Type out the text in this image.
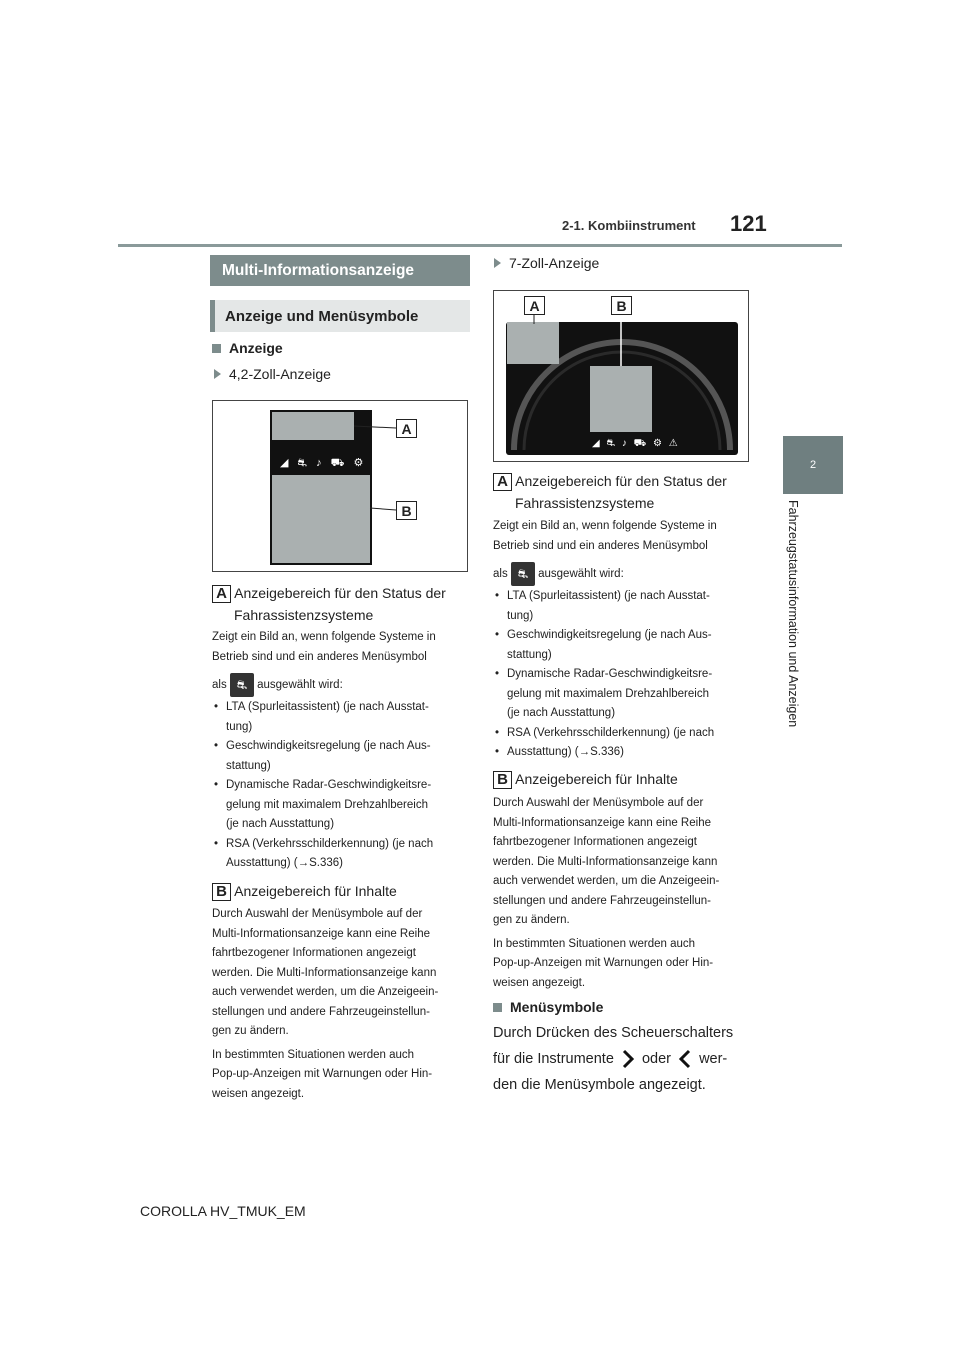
2-1. Kombiinstrument 121
2
Fahrzeugstatusinformation und Anzeigen
Multi-Informationsanzeige
Anzeige und Menüsymbole
Anzeige
4,2-Zoll-Anzeige
◢ ⛐ ♪ ⛟ ⚙ ⚠
A
B
A Anzeigebereich für den Status der
Fahrassistenzsysteme
Zeigt ein Bild an, wenn folgende Systeme in
Betrieb sind und ein anderes Menüsymbol
als ⛐ ausgewählt wird:
• LTA (Spurleitassistent) (je nach Ausstat-
tung)
• Geschwindigkeitsregelung (je nach Aus-
stattung)
• Dynamische Radar-Geschwindigkeitsre-
gelung mit maximalem Drehzahlbereich
(je nach Ausstattung)
• RSA (Verkehrsschilderkennung) (je nach
Ausstattung) (→S.336)
B Anzeigebereich für Inhalte
Durch Auswahl der Menüsymbole auf der
Multi-Informationsanzeige kann eine Reihe
fahrtbezogener Informationen angezeigt
werden. Die Multi-Informationsanzeige kann
auch verwendet werden, um die Anzeigeein-
stellungen und andere Fahrzeugeinstellun-
gen zu ändern.
In bestimmten Situationen werden auch
Pop-up-Anzeigen mit Warnungen oder Hin-
weisen angezeigt.
7-Zoll-Anzeige
◢ ⛐ ♪ ⛟ ⚙ ⚠
A	B
A Anzeigebereich für den Status der
Fahrassistenzsysteme
Zeigt ein Bild an, wenn folgende Systeme in
Betrieb sind und ein anderes Menüsymbol
als ⛐ ausgewählt wird:
• LTA (Spurleitassistent) (je nach Ausstat-
tung)
• Geschwindigkeitsregelung (je nach Aus-
stattung)
• Dynamische Radar-Geschwindigkeitsre-
gelung mit maximalem Drehzahlbereich
(je nach Ausstattung)
• RSA (Verkehrsschilderkennung) (je nach
• Ausstattung) (→S.336)
B Anzeigebereich für Inhalte
Durch Auswahl der Menüsymbole auf der
Multi-Informationsanzeige kann eine Reihe
fahrtbezogener Informationen angezeigt
werden. Die Multi-Informationsanzeige kann
auch verwendet werden, um die Anzeigeein-
stellungen und andere Fahrzeugeinstellun-
gen zu ändern.
In bestimmten Situationen werden auch
Pop-up-Anzeigen mit Warnungen oder Hin-
weisen angezeigt.
Menüsymbole
Durch Drücken des Scheuerschalters
für die Instrumente oder wer-
den die Menüsymbole angezeigt.
COROLLA HV_TMUK_EM
